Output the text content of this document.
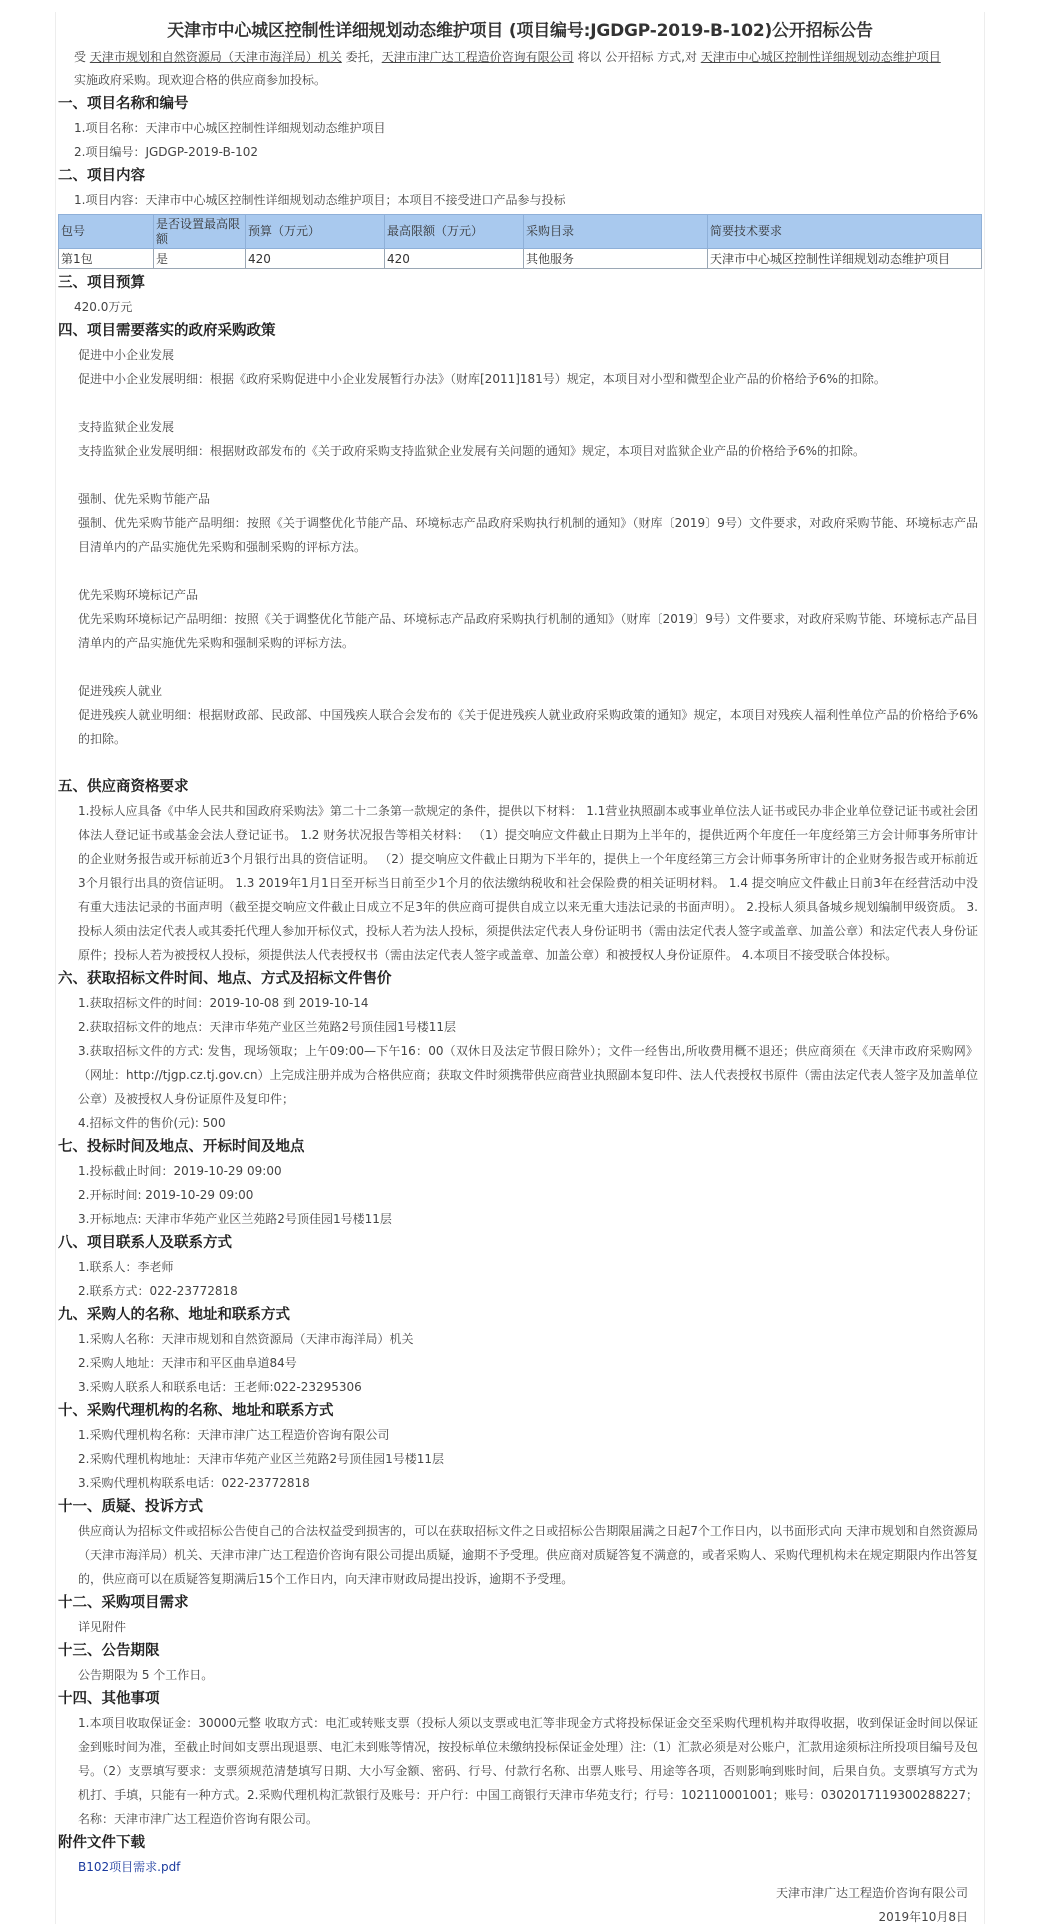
天津市中心城区控制性详细规划动态维护项目 (项目编号:JGDGP-2019-B-102)公开招标公告
受 天津市规划和自然资源局（天津市海洋局）机关 委托，天津市津广达工程造价咨询有限公司 将以 公开招标 方式,对 天津市中心城区控制性详细规划动态维护项目
实施政府采购。现欢迎合格的供应商参加投标。
一、项目名称和编号
1.项目名称：天津市中心城区控制性详细规划动态维护项目
2.项目编号：JGDGP-2019-B-102
二、项目内容
1.项目内容：天津市中心城区控制性详细规划动态维护项目；本项目不接受进口产品参与投标
包号	是否设置最高限额	预算（万元）	最高限额（万元）	采购目录	简要技术要求
第1包	是	420	420	其他服务	天津市中心城区控制性详细规划动态维护项目
三、项目预算
420.0万元
四、项目需要落实的政府采购政策
促进中小企业发展
促进中小企业发展明细：根据《政府采购促进中小企业发展暂行办法》（财库[2011]181号）规定，本项目对小型和微型企业产品的价格给予6%的扣除。
支持监狱企业发展
支持监狱企业发展明细：根据财政部发布的《关于政府采购支持监狱企业发展有关问题的通知》规定，本项目对监狱企业产品的价格给予6%的扣除。
强制、优先采购节能产品
强制、优先采购节能产品明细：按照《关于调整优化节能产品、环境标志产品政府采购执行机制的通知》（财库〔2019〕9号）文件要求，对政府采购节能、环境标志产品目清单内的产品实施优先采购和强制采购的评标方法。
优先采购环境标记产品
优先采购环境标记产品明细：按照《关于调整优化节能产品、环境标志产品政府采购执行机制的通知》（财库〔2019〕9号）文件要求，对政府采购节能、环境标志产品目清单内的产品实施优先采购和强制采购的评标方法。
促进残疾人就业
促进残疾人就业明细：根据财政部、民政部、中国残疾人联合会发布的《关于促进残疾人就业政府采购政策的通知》规定，本项目对残疾人福利性单位产品的价格给予6%的扣除。
五、供应商资格要求
1.投标人应具备《中华人民共和国政府采购法》第二十二条第一款规定的条件，提供以下材料： 1.1营业执照副本或事业单位法人证书或民办非企业单位登记证书或社会团体法人登记证书或基金会法人登记证书。 1.2 财务状况报告等相关材料： （1）提交响应文件截止日期为上半年的，提供近两个年度任一年度经第三方会计师事务所审计的企业财务报告或开标前近3个月银行出具的资信证明。 （2）提交响应文件截止日期为下半年的，提供上一个年度经第三方会计师事务所审计的企业财务报告或开标前近3个月银行出具的资信证明。 1.3 2019年1月1日至开标当日前至少1个月的依法缴纳税收和社会保险费的相关证明材料。 1.4 提交响应文件截止日前3年在经营活动中没有重大违法记录的书面声明（截至提交响应文件截止日成立不足3年的供应商可提供自成立以来无重大违法记录的书面声明）。 2.投标人须具备城乡规划编制甲级资质。 3.投标人须由法定代表人或其委托代理人参加开标仪式，投标人若为法人投标，须提供法定代表人身份证明书（需由法定代表人签字或盖章、加盖公章）和法定代表人身份证原件；投标人若为被授权人投标，须提供法人代表授权书（需由法定代表人签字或盖章、加盖公章）和被授权人身份证原件。 4.本项目不接受联合体投标。
六、获取招标文件时间、地点、方式及招标文件售价
1.获取招标文件的时间：2019-10-08 到 2019-10-14
2.获取招标文件的地点：天津市华苑产业区兰苑路2号顶佳园1号楼11层
3.获取招标文件的方式: 发售，现场领取；上午09:00—下午16：00（双休日及法定节假日除外）；文件一经售出,所收费用概不退还；供应商须在《天津市政府采购网》（网址：http://tjgp.cz.tj.gov.cn）上完成注册并成为合格供应商；获取文件时须携带供应商营业执照副本复印件、法人代表授权书原件（需由法定代表人签字及加盖单位公章）及被授权人身份证原件及复印件；
4.招标文件的售价(元): 500
七、投标时间及地点、开标时间及地点
1.投标截止时间：2019-10-29 09:00
2.开标时间: 2019-10-29 09:00
3.开标地点: 天津市华苑产业区兰苑路2号顶佳园1号楼11层
八、项目联系人及联系方式
1.联系人：李老师
2.联系方式：022-23772818
九、采购人的名称、地址和联系方式
1.采购人名称：天津市规划和自然资源局（天津市海洋局）机关
2.采购人地址：天津市和平区曲阜道84号
3.采购人联系人和联系电话：王老师:022-23295306
十、采购代理机构的名称、地址和联系方式
1.采购代理机构名称：天津市津广达工程造价咨询有限公司
2.采购代理机构地址：天津市华苑产业区兰苑路2号顶佳园1号楼11层
3.采购代理机构联系电话：022-23772818
十一、质疑、投诉方式
供应商认为招标文件或招标公告使自己的合法权益受到损害的，可以在获取招标文件之日或招标公告期限届满之日起7个工作日内，以书面形式向 天津市规划和自然资源局（天津市海洋局）机关、天津市津广达工程造价咨询有限公司提出质疑，逾期不予受理。供应商对质疑答复不满意的，或者采购人、采购代理机构未在规定期限内作出答复的，供应商可以在质疑答复期满后15个工作日内，向天津市财政局提出投诉，逾期不予受理。
十二、采购项目需求
详见附件
十三、公告期限
公告期限为 5 个工作日。
十四、其他事项
1.本项目收取保证金：30000元整 收取方式：电汇或转账支票（投标人须以支票或电汇等非现金方式将投标保证金交至采购代理机构并取得收据，收到保证金时间以保证金到账时间为准，至截止时间如支票出现退票、电汇未到账等情况，按投标单位未缴纳投标保证金处理）注:（1）汇款必须是对公账户，汇款用途须标注所投项目编号及包号。（2）支票填写要求：支票须规范清楚填写日期、大小写金额、密码、行号、付款行名称、出票人账号、用途等各项，否则影响到账时间，后果自负。支票填写方式为机打、手填，只能有一种方式。2.采购代理机构汇款银行及账号：开户行：中国工商银行天津市华苑支行；行号：102110001001；账号：0302017119300288227；名称：天津市津广达工程造价咨询有限公司。
附件文件下载
B102项目需求.pdf
天津市津广达工程造价咨询有限公司
2019年10月8日
